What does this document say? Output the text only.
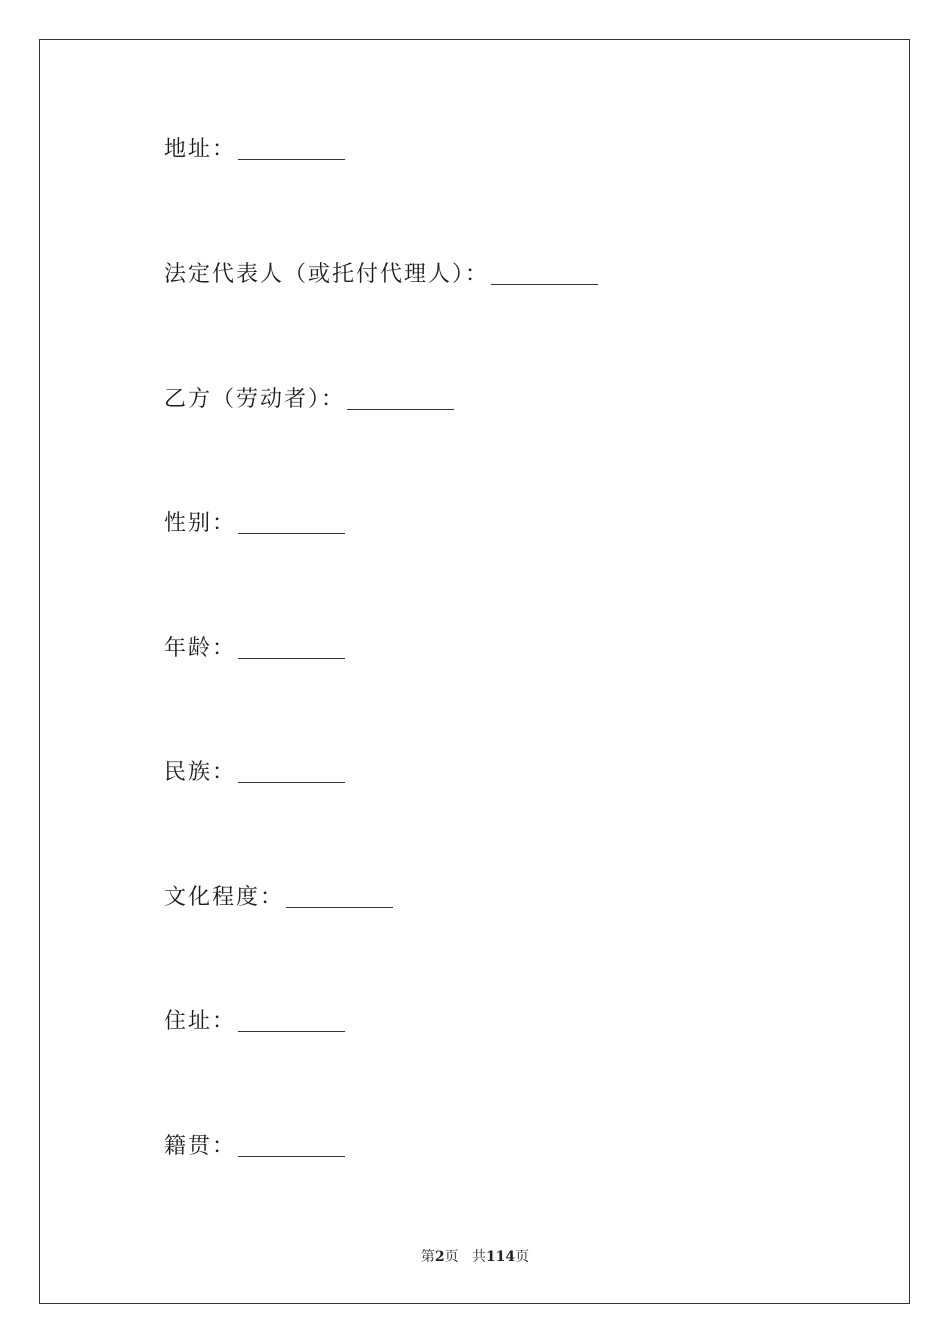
地址：
法定代表人（或托付代理人）：
乙方（劳动者）：
性别：
年龄：
民族：
文化程度：
住址：
籍贯：
第2页 共114页
